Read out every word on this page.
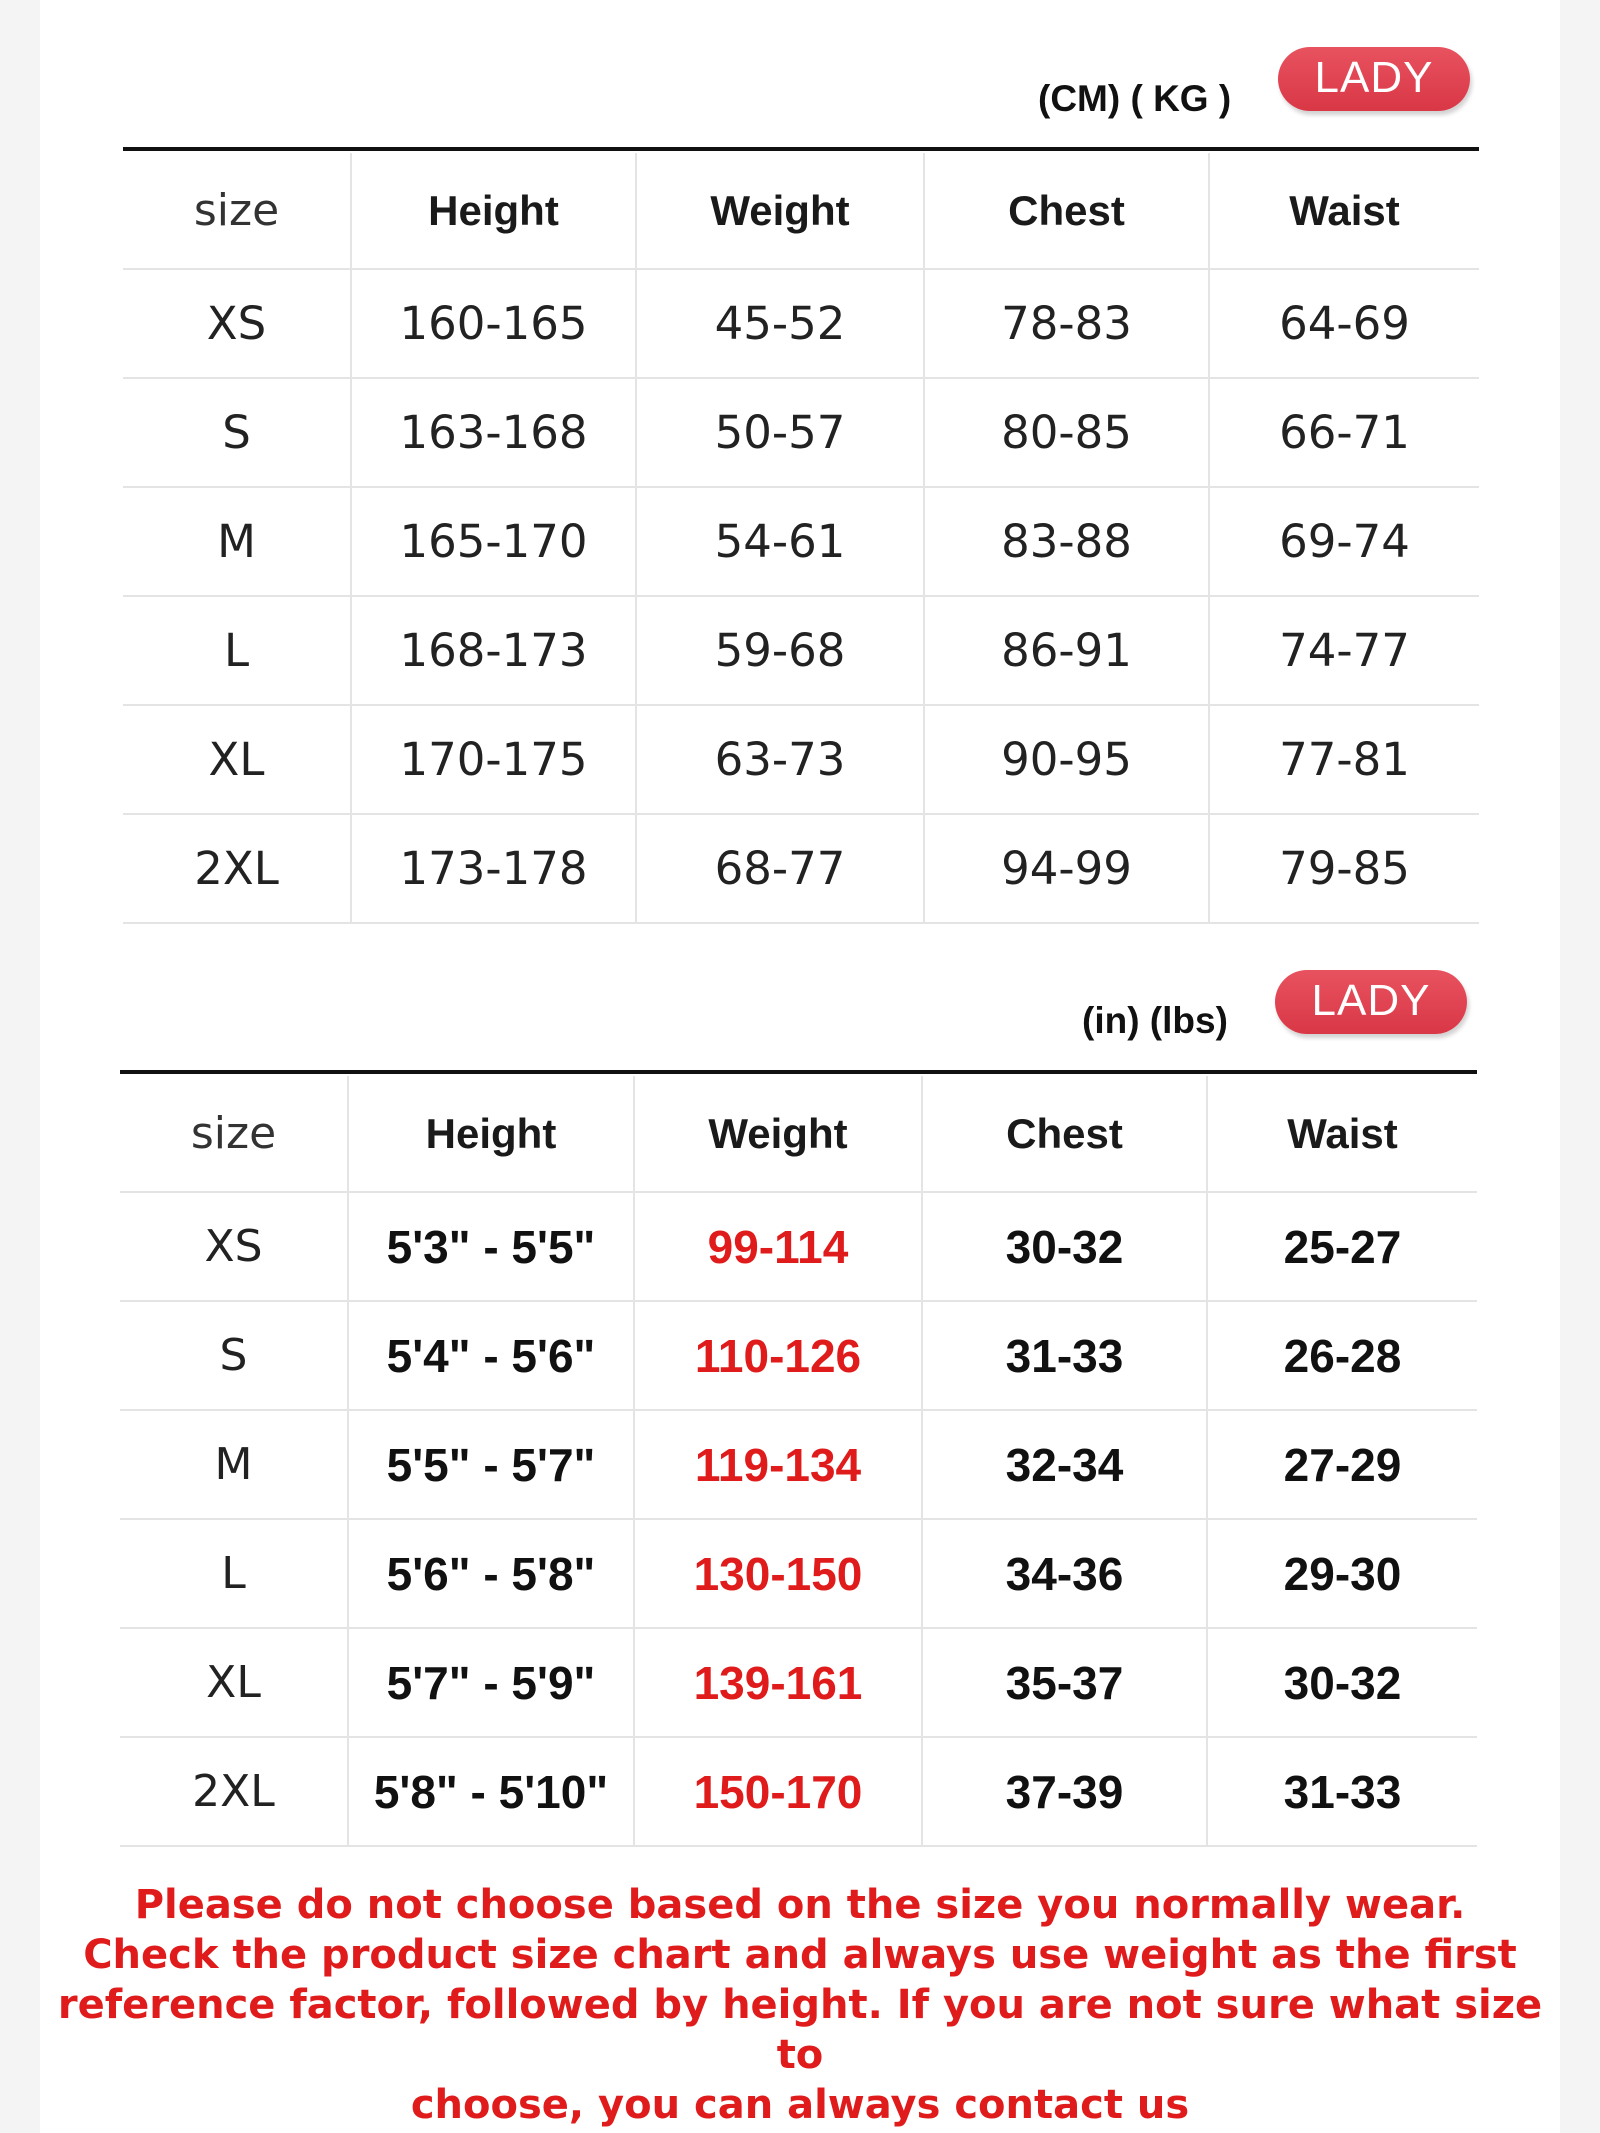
(CM) ( KG )	LADY
size	Height	Weight	Chest	Waist
XS	160-165	45-52	78-83	64-69
S	163-168	50-57	80-85	66-71
M	165-170	54-61	83-88	69-74
L	168-173	59-68	86-91	74-77
XL	170-175	63-73	90-95	77-81
2XL	173-178	68-77	94-99	79-85
(in) (lbs)	LADY
size	Height	Weight	Chest	Waist
XS	5'3" - 5'5"	99-114	30-32	25-27
S	5'4" - 5'6"	110-126	31-33	26-28
M	5'5" - 5'7"	119-134	32-34	27-29
L	5'6" - 5'8"	130-150	34-36	29-30
XL	5'7" - 5'9"	139-161	35-37	30-32
2XL	5'8" - 5'10"	150-170	37-39	31-33
Please do not choose based on the size you normally wear.
Check the product size chart and always use weight as the first
reference factor, followed by height. If you are not sure what size to
choose, you can always contact us
